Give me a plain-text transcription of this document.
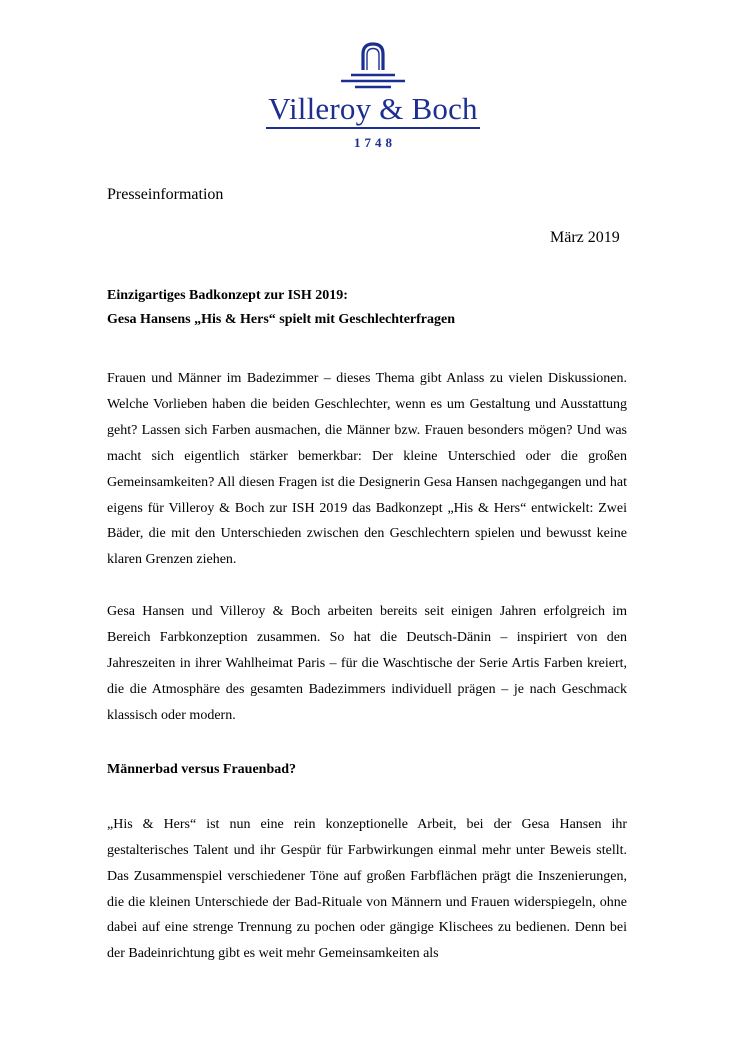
Villeroy & Boch
1748
Presseinformation
März 2019
Einzigartiges Badkonzept zur ISH 2019:
Gesa Hansens „His & Hers“ spielt mit Geschlechterfragen

Frauen und Männer im Badezimmer – dieses Thema gibt Anlass zu vielen Diskussionen. Welche Vorlieben haben die beiden Geschlechter, wenn es um Gestaltung und Ausstattung geht? Lassen sich Farben ausmachen, die Männer bzw. Frauen besonders mögen? Und was macht sich eigentlich stärker bemerkbar: Der kleine Unterschied oder die großen Gemeinsamkeiten? All diesen Fragen ist die Designerin Gesa Hansen nachgegangen und hat eigens für Villeroy & Boch zur ISH 2019 das Badkonzept „His & Hers“ entwickelt: Zwei Bäder, die mit den Unterschieden zwischen den Geschlechtern spielen und bewusst keine klaren Grenzen ziehen.

Gesa Hansen und Villeroy & Boch arbeiten bereits seit einigen Jahren erfolgreich im Bereich Farbkonzeption zusammen. So hat die Deutsch-Dänin – inspiriert von den Jahreszeiten in ihrer Wahlheimat Paris – für die Waschtische der Serie Artis Farben kreiert, die die Atmosphäre des gesamten Badezimmers individuell prägen – je nach Geschmack klassisch oder modern.

Männerbad versus Frauenbad?

„His & Hers“ ist nun eine rein konzeptionelle Arbeit, bei der Gesa Hansen ihr gestalterisches Talent und ihr Gespür für Farbwirkungen einmal mehr unter Beweis stellt. Das Zusammenspiel verschiedener Töne auf großen Farbflächen prägt die Inszenierungen, die die kleinen Unterschiede der Bad-Rituale von Männern und Frauen widerspiegeln, ohne dabei auf eine strenge Trennung zu pochen oder gängige Klischees zu bedienen. Denn bei der Badeinrichtung gibt es weit mehr Gemeinsamkeiten als
